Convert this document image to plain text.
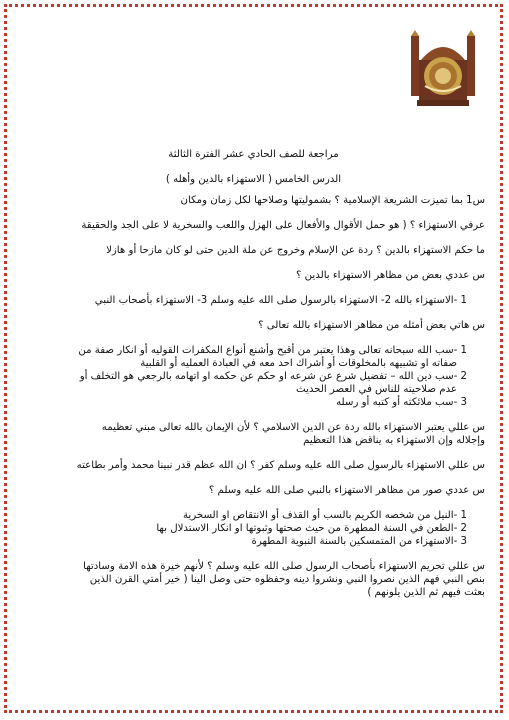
مراجعة للصف الحادي عشر الفترة الثالثة
الدرس الخامس ( الاستهزاء بالدين وأهله )
س1 بما تميزت الشريعة الإسلامية ؟ بشموليتها وصلاحها لكل زمان ومكان
عرفي الاستهزاء ؟ ( هو حمل الأقوال والأفعال على الهزل واللعب والسخرية لا على الجد والحقيقة
ما حكم الاستهزاء بالدين ؟ ردة عن الإسلام وخروج عن ملة الدين حتى لو كان مازحا أو هازلا
س عددي بعض من مظاهر الاستهزاء بالدين ؟
1 -الاستهزاء بالله 2- الاستهزاء بالرسول صلى الله عليه وسلم 3- الاستهزاء بأصحاب النبي
س هاتي بعض أمثله من مظاهر الاستهزاء بالله تعالى ؟
1 -سب الله سبحانه تعالى وهذا يعتبر من أقبح وأشنع أنواع المكفرات القوليه أو انكار صفة من
صفاته او تشبيهه بالمخلوقات أو أشراك احد معه في العبادة العمليه أو القلبية
2 -سب دين الله – تفضيل شرع عن شرعه او حكم عن حكمه او اتهامه بالرجعي هو التخلف أو
عدم صلاحيته للناس في العصر الحديث
3 -سب ملائكته أو كتبه أو رسله
س عللي يعتبر الاستهزاء بالله ردة عن الدين الاسلامي ؟ لأن الإيمان بالله تعالى مبني تعظيمه
وإجلاله وإن الاستهزاء به يناقض هذا التعظيم
س عللي الاستهزاء بالرسول صلى الله عليه وسلم كفر ؟ ان الله عظم قدر نبينا محمد وأمر بطاعته
س عددي صور من مظاهر الاستهزاء بالنبي صلى الله عليه وسلم ؟
1 -النيل من شخصه الكريم بالسب أو القذف أو الانتقاص او السخرية
2 -الطعن في السنة المطهرة من حيث صحتها وثبوتها او انكار الاستدلال بها
3 -الاستهزاء من المتمسكين بالسنة النبوية المطهرة
س عللي تحريم الاستهزاء بأصحاب الرسول صلى الله عليه وسلم ؟ لأنهم خيرة هذه الامة وسادتها
بنص النبي فهم الذين نصروا النبي ونشروا دينه وحفظوه حتى وصل الينا ( خير أمتي القرن الذين
بعثت فيهم ثم الذين يلونهم )
